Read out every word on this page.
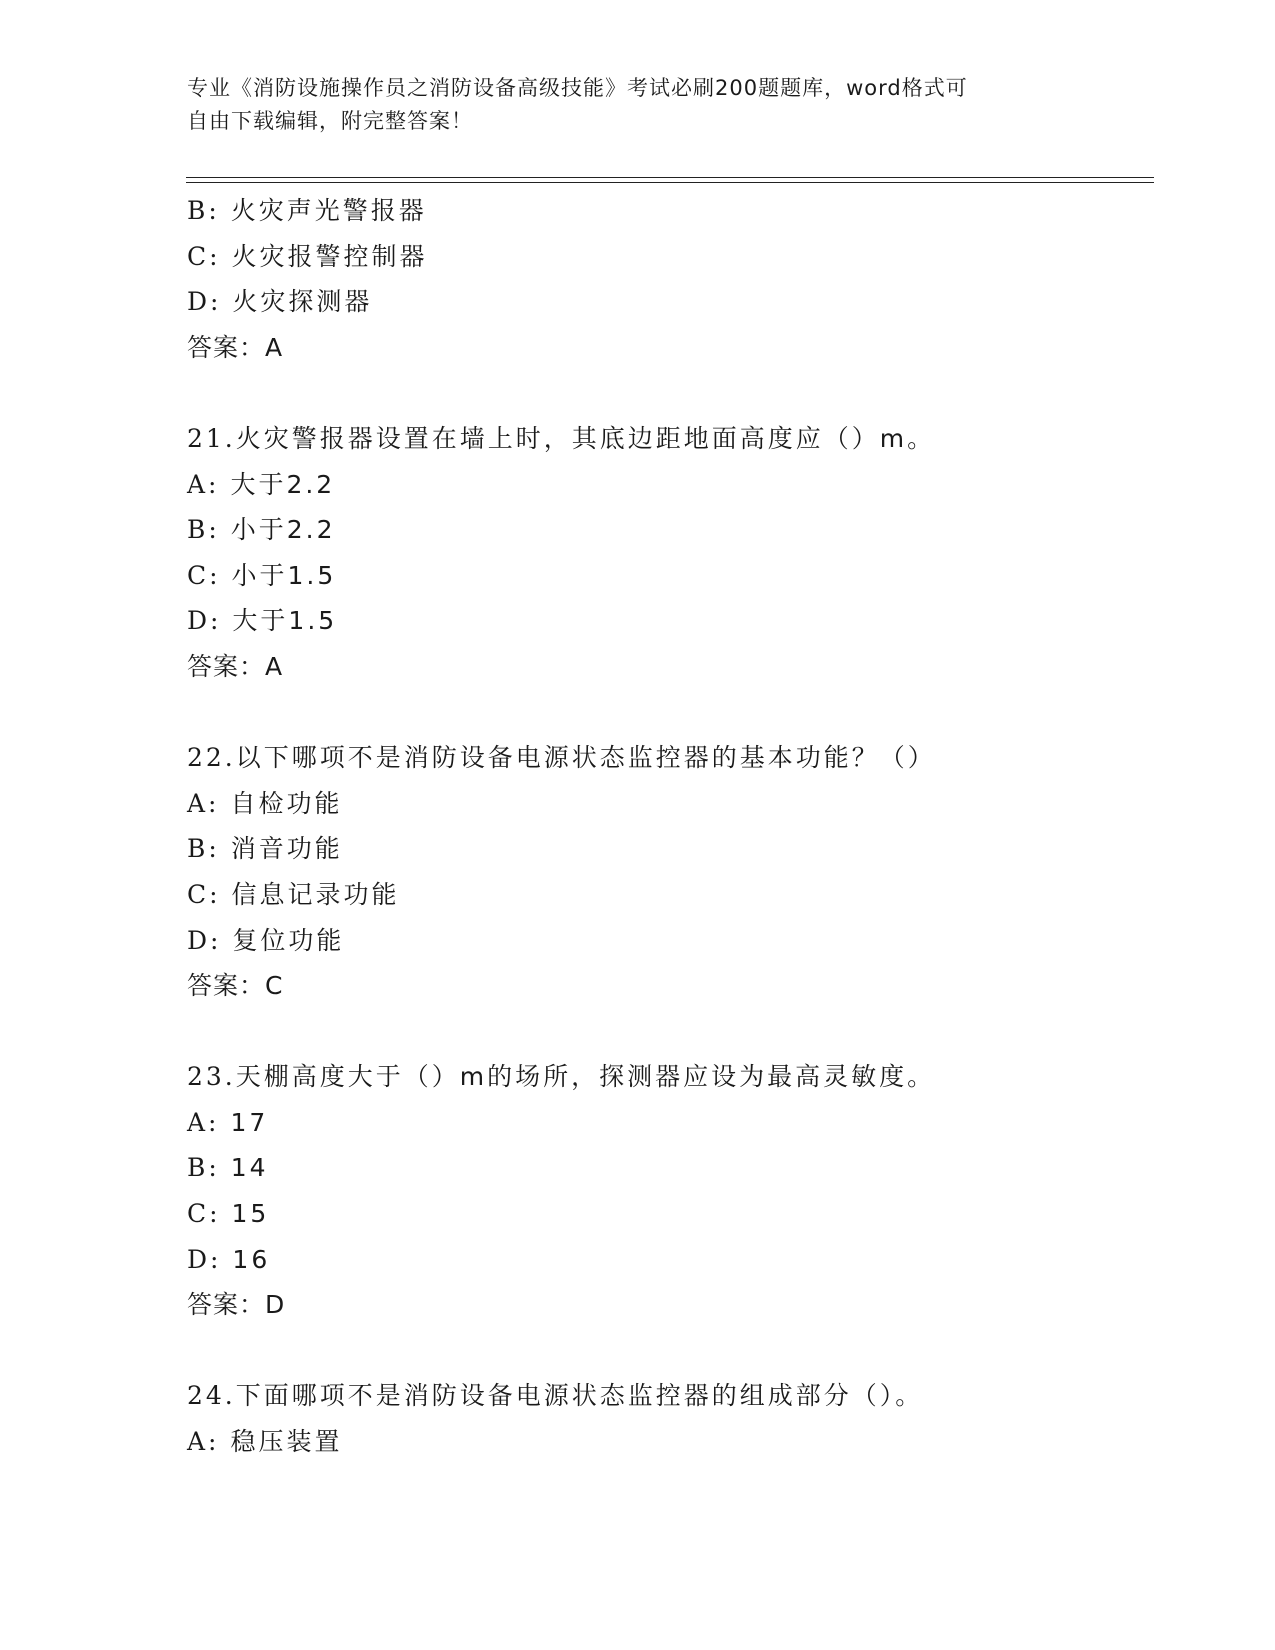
专业《消防设施操作员之消防设备高级技能》考试必刷200题题库，word格式可
自由下载编辑，附完整答案！
B: 火灾声光警报器
C: 火灾报警控制器
D: 火灾探测器
答案：A
21.火灾警报器设置在墙上时，其底边距地面高度应（）m。
A: 大于2.2
B: 小于2.2
C: 小于1.5
D: 大于1.5
答案：A
22.以下哪项不是消防设备电源状态监控器的基本功能？（）
A: 自检功能
B: 消音功能
C: 信息记录功能
D: 复位功能
答案：C
23.天棚高度大于（）m的场所，探测器应设为最高灵敏度。
A: 17
B: 14
C: 15
D: 16
答案：D
24.下面哪项不是消防设备电源状态监控器的组成部分（）。
A: 稳压装置
